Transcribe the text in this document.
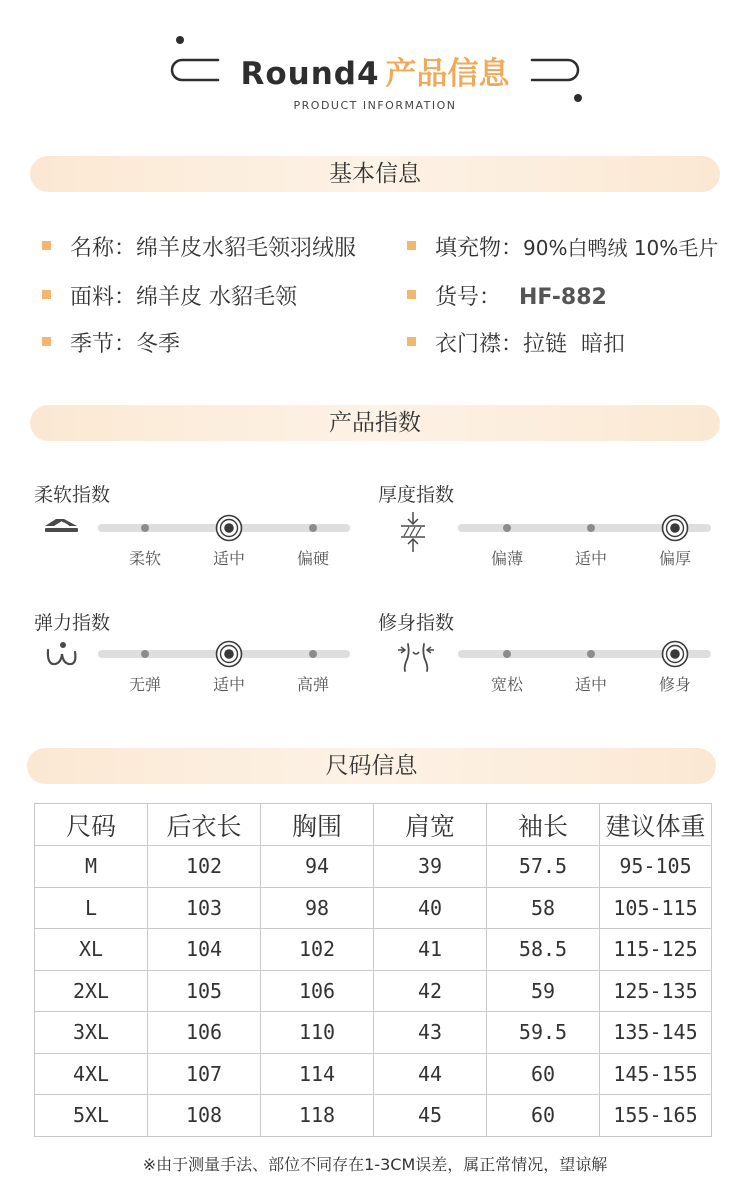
Round4 产品信息
PRODUCT INFORMATION
基本信息
名称：绵羊皮水貂毛领羽绒服	填充物：90%白鸭绒 10%毛片
面料：绵羊皮 水貂毛领	货号： HF-882
季节：冬季	衣门襟：拉链  暗扣
产品指数
柔软指数	厚度指数
弹力指数	修身指数
柔软	适中	偏硬	偏薄	适中	偏厚
无弹	适中	高弹	宽松	适中	修身
尺码信息
尺码	后衣长	胸围	肩宽	袖长	建议体重
M	102	94	39	57.5	95-105
L	103	98	40	58	105-115
XL	104	102	41	58.5	115-125
2XL	105	106	42	59	125-135
3XL	106	110	43	59.5	135-145
4XL	107	114	44	60	145-155
5XL	108	118	45	60	155-165
※由于测量手法、部位不同存在1-3CM误差，属正常情况，望谅解
